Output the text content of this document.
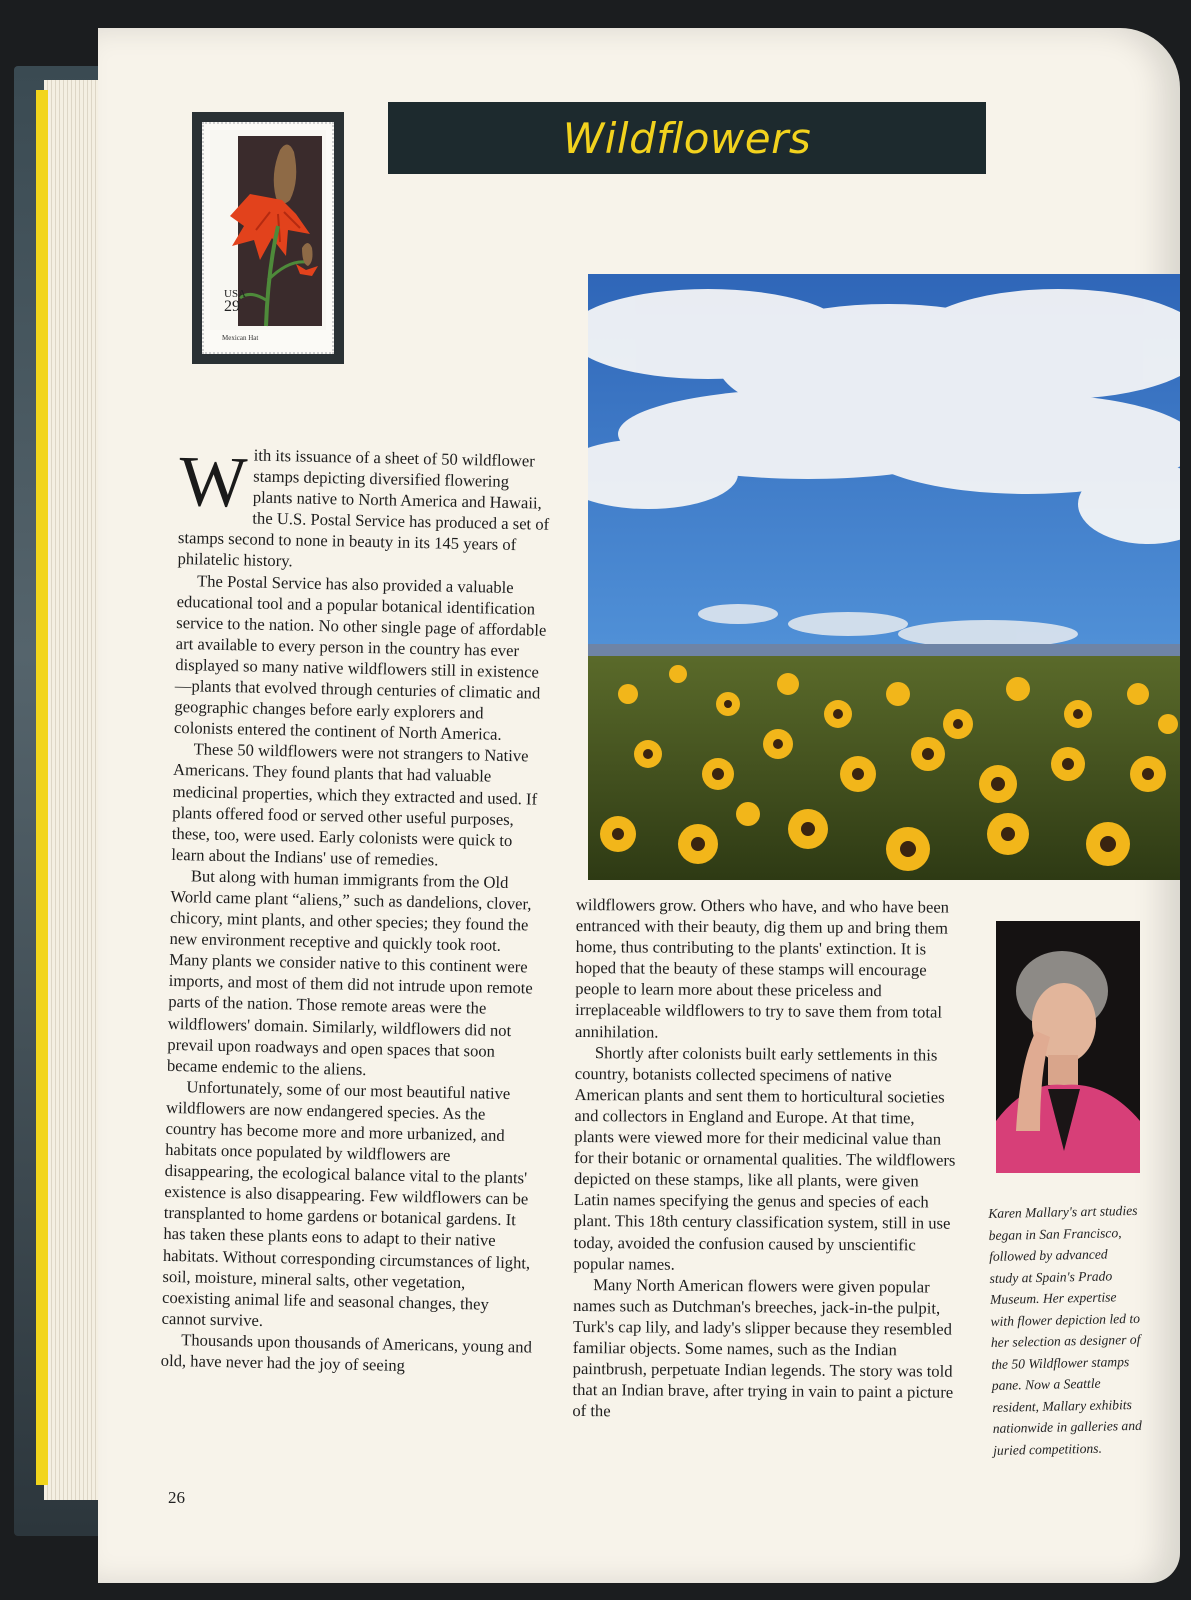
Wildflowers
USA
29
Mexican Hat
W ith its issuance of a sheet of 50 wildflower stamps depicting diversified flowering plants native to North America and Hawaii, the U.S. Postal Service has produced a set of stamps second to none in beauty in its 145 years of philatelic history.

The Postal Service has also provided a valuable educational tool and a popular botanical identification service to the nation. No other single page of affordable art available to every person in the country has ever displayed so many native wildflowers still in existence—plants that evolved through centuries of climatic and geographic changes before early explorers and colonists entered the continent of North America.

These 50 wildflowers were not strangers to Native Americans. They found plants that had valuable medicinal properties, which they extracted and used. If plants offered food or served other useful purposes, these, too, were used. Early colonists were quick to learn about the Indians' use of remedies.

But along with human immigrants from the Old World came plant “aliens,” such as dandelions, clover, chicory, mint plants, and other species; they found the new environment receptive and quickly took root. Many plants we consider native to this continent were imports, and most of them did not intrude upon remote parts of the nation. Those remote areas were the wildflowers' domain. Similarly, wildflowers did not prevail upon roadways and open spaces that soon became endemic to the aliens.

Unfortunately, some of our most beautiful native wildflowers are now endangered species. As the country has become more and more urbanized, and habitats once populated by wildflowers are disappearing, the ecological balance vital to the plants' existence is also disappearing. Few wildflowers can be transplanted to home gardens or botanical gardens. It has taken these plants eons to adapt to their native habitats. Without corresponding circumstances of light, soil, moisture, mineral salts, other vegetation, coexisting animal life and seasonal changes, they cannot survive.

Thousands upon thousands of Americans, young and old, have never had the joy of seeing

wildflowers grow. Others who have, and who have been entranced with their beauty, dig them up and bring them home, thus contributing to the plants' extinction. It is hoped that the beauty of these stamps will encourage people to learn more about these priceless and irreplaceable wildflowers to try to save them from total annihilation.

Shortly after colonists built early settlements in this country, botanists collected specimens of native American plants and sent them to horticultural societies and collectors in England and Europe. At that time, plants were viewed more for their medicinal value than for their botanic or ornamental qualities. The wildflowers depicted on these stamps, like all plants, were given Latin names specifying the genus and species of each plant. This 18th century classification system, still in use today, avoided the confusion caused by unscientific popular names.

Many North American flowers were given popular names such as Dutchman's breeches, jack-in-the pulpit, Turk's cap lily, and lady's slipper because they resembled familiar objects. Some names, such as the Indian paintbrush, perpetuate Indian legends. The story was told that an Indian brave, after trying in vain to paint a picture of the

Karen Mallary's art studies began in San Francisco, followed by advanced study at Spain's Prado Museum. Her expertise with flower depiction led to her selection as designer of the 50 Wildflower stamps pane. Now a Seattle resident, Mallary exhibits nationwide in galleries and juried competitions.
26
